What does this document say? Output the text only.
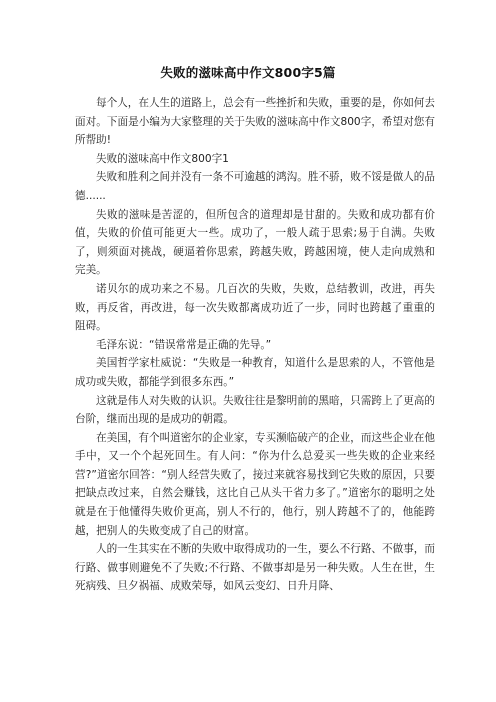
失败的滋味高中作文800字5篇

每个人，在人生的道路上，总会有一些挫折和失败，重要的是，你如何去面对。下面是小编为大家整理的关于失败的滋味高中作文800字，希望对您有所帮助!

失败的滋味高中作文800字1

失败和胜利之间并没有一条不可逾越的鸿沟。胜不骄，败不馁是做人的品德......

失败的滋味是苦涩的，但所包含的道理却是甘甜的。失败和成功都有价值，失败的价值可能更大一些。成功了，一般人疏于思索;易于自满。失败了，则须面对挑战，硬逼着你思索，跨越失败，跨越困境，使人走向成熟和完美。

诺贝尔的成功来之不易。几百次的失败，失败，总结教训，改进，再失败，再反省，再改进，每一次失败都离成功近了一步，同时也跨越了重重的阻碍。

毛泽东说：“错误常常是正确的先导。”

美国哲学家杜威说：“失败是一种教育，知道什么是思索的人，不管他是成功或失败，都能学到很多东西。”

这就是伟人对失败的认识。失败往往是黎明前的黑暗，只需跨上了更高的台阶，继而出现的是成功的朝霞。

在美国，有个叫道密尔的企业家，专买濒临破产的企业，而这些企业在他手中，又一个个起死回生。有人问：“你为什么总爱买一些失败的企业来经营?”道密尔回答：“别人经营失败了，接过来就容易找到它失败的原因，只要把缺点改过来，自然会赚钱，这比自己从头干省力多了。”道密尔的聪明之处就是在于他懂得失败价更高，别人不行的，他行，别人跨越不了的，他能跨越，把别人的失败变成了自己的财富。

人的一生其实在不断的失败中取得成功的一生，要么不行路、不做事，而行路、做事则避免不了失败;不行路、不做事却是另一种失败。人生在世，生死病残、旦夕祸福、成败荣辱，如风云变幻、日升月降、
